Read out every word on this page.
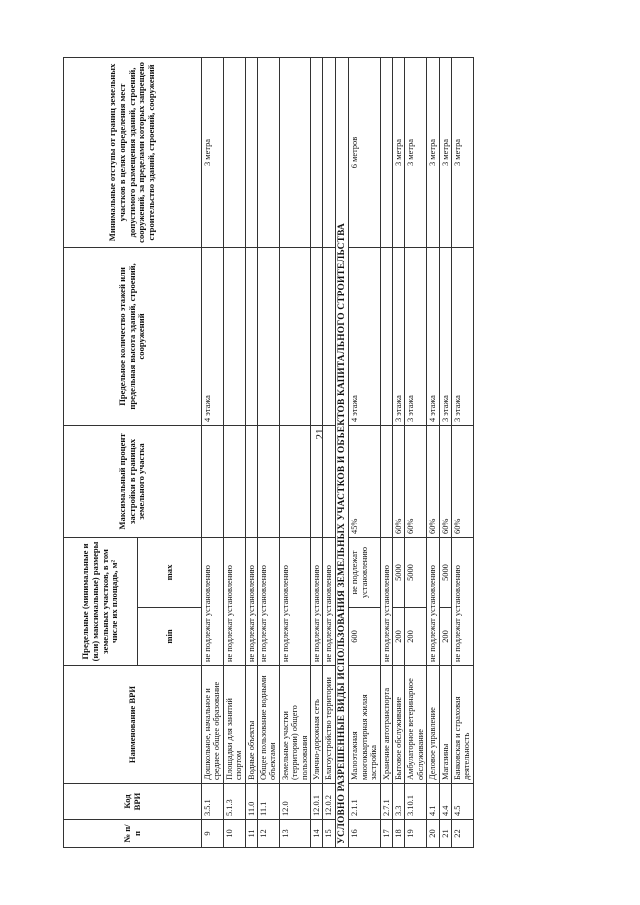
21
№ п/п	Код ВРИ	Наименование ВРИ	Предельные (минимальные и (или) максимальные) размеры земельных участков, в том числе их площадь, м²		Максимальный процент застройки в границах земельного участка	Предельное количество этажей или предельная высота зданий, строений, сооружений	Минимальные отступы от границ земельных участков в целях определения мест допустимого размещения зданий, строений, сооружений, за пределами которых запрещено строительство зданий, строений, сооружений
			min	max			
9	3.5.1	Дошкольное, начальное и среднее общее образование	не подлежат установлению			4 этажа	3 метра
10	5.1.3	Площадки для занятий спортом	не подлежат установлению				
11	11.0	Водные объекты	не подлежат установлению				
12	11.1	Общее пользование водными объектами	не подлежат установлению				
13	12.0	Земельные участки (территории) общего пользования	не подлежат установлению				
14	12.0.1	Улично-дорожная сеть	не подлежат установлению				
15	12.0.2	Благоустройство территории	не подлежат установлению				
УСЛОВНО РАЗРЕШЕННЫЕ ВИДЫ ИСПОЛЬЗОВАНИЯ ЗЕМЕЛЬНЫХ УЧАСТКОВ И ОБЪЕКТОВ КАПИТАЛЬНОГО СТРОИТЕЛЬСТВА							
16	2.1.1	Малоэтажная многоквартирная жилая застройка	600	не подлежат установлению	45%	4 этажа	6 метров
17	2.7.1	Хранение автотранспорта	не подлежат установлению				
18	3.3	Бытовое обслуживание	200	5000	60%	3 этажа	3 метра
19	3.10.1	Амбулаторное ветеринарное обслуживание	200	5000	60%	3 этажа	3 метра
20	4.1	Деловое управление	не подлежат установлению		60%	4 этажа	3 метра
21	4.4	Магазины	200	5000	60%	3 этажа	3 метра
22	4.5	Банковская и страховая деятельность	не подлежат установлению		60%	3 этажа	3 метра
